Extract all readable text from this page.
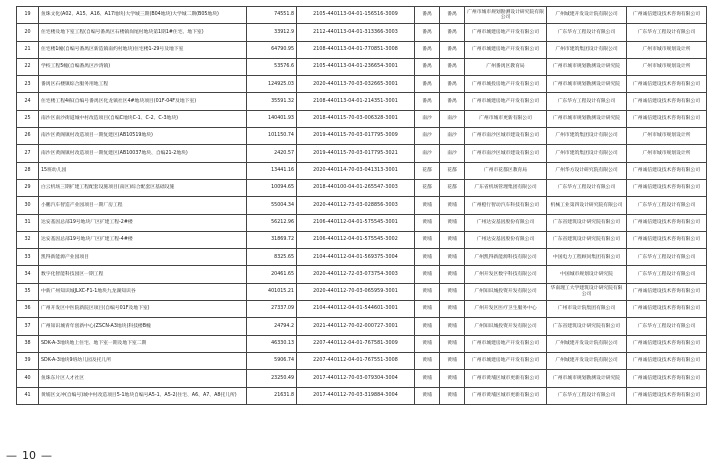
19	鱼珠文化(A02、A15、A16、A17地块)大学城三期(B04地块)大学城二期(B05地块)	74551.8	2105-440113-04-01-156516-3009	番禺	番禺	广州市城市规划勘测设计研究院有限公司	广州城建开发设计院有限公司	广州诚信建设技术咨询有限公司
20	住宅楼及地下室工程(自编号番禺区石楼镇岗尾村地块第1期1#住宅、地下室)	33912.9	2112-440113-04-01-313366-3003	番禺	番禺	广州市城建房地产开发有限公司	广东华方工程设计有限公司	广东华方工程设计有限公司
21	住宅楼1幢(自编号番禺区新造镇南约村地块)住宅楼1-29号及地下室	64790.95	2108-440113-04-01-770851-3008	番禺	番禺	广州市城建房地产开发有限公司	广州市建筑集团设计有限公司	广州市城市规划设计所
22	学校工程5幢(自编番禺区沙湾镇)	53576.6	2105-440113-04-01-236654-3001	番禺	番禺	广州番禺区教育局	广州市城市规划勘测设计研究院	广州市城市规划设计所
23	番禺区石楼镇综合服务用地工程	124925.03	2020-440113-70-03-032665-3001	番禺	番禺	广州市城投房地产开发有限公司	广州市城市规划勘测设计研究院	广州诚信建设技术咨询有限公司
24	住宅楼工程4栋(自编号番禺区化龙镇社区4#地块项目(01F-04F及地下室)	35591.32	2108-440113-04-01-214351-3001	番禺	番禺	广州市城建房地产开发有限公司	广东华方工程设计有限公司	广州诚信建设技术咨询有限公司
25	南沙区南沙街道城中村改造项目(自编C地块C-1、C-2、C-3地块)	140401.93	2018-440115-70-03-006328-3001	南沙	南沙	广州市城市更新有限公司	广州市城市规划勘测设计研究院	广州诚信建设技术咨询有限公司
26	南沙区黄阁镇村改造项目一期复建区(AB10519地块)	101150.74	2019-440115-70-03-017795-3009	南沙	南沙	广州市南沙区城市建设有限公司	广州市建筑集团设计有限公司	广州市城市规划设计所
27	南沙区黄阁镇村改造项目一期复建区(AB10037地块、自编21-2地块)	2420.57	2019-440115-70-03-017795-3021	南沙	南沙	广州市南沙区城市建设有限公司	广州市建筑集团设计有限公司	广州市城市规划设计所
28	15班幼儿园	13441.16	2020-440114-70-03-041313-3001	花都	花都	广州市花都区教育局	广州华方设计研究院有限公司	广州诚信建设技术咨询有限公司
29	白云机场三期扩建工程配套设施项目(南区)综合配套区基础设施	10094.65	2018-440100-04-01-265547-3003	花都	花都	广东省机场管理集团有限公司	广东华方工程设计有限公司	广州诚信建设技术咨询有限公司
30	小鹏汽车智造产业园项目一期厂房工程	55004.34	2020-440112-73-03-028856-3003	黄埔	黄埔	广州橙行智动汽车科技有限公司	机械工业第四设计研究院有限公司	广东华方工程设计有限公司
31	达安基因总部19号地块厂区扩建工程-2#楼	56212.96	2106-440112-04-01-575545-3001	黄埔	黄埔	广州达安基因股份有限公司	广东省建筑设计研究院有限公司	广州诚信建设技术咨询有限公司
32	达安基因总部19号地块厂区扩建工程-4#楼	31869.72	2106-440112-04-01-575545-3002	黄埔	黄埔	广州达安基因股份有限公司	广东省建筑设计研究院有限公司	广州诚信建设技术咨询有限公司
33	凯得新能源产业园项目	8325.65	2104-440112-04-01-569375-3004	黄埔	黄埔	广州凯得新能源科技有限公司	中国电力工程顾问集团有限公司	广东华方工程设计有限公司
34	数字化智能科技园区一期工程	20461.65	2020-440112-72-03-073754-3003	黄埔	黄埔	广州开发区数字科技有限公司	中国城市规划设计研究院	广东华方工程设计有限公司
35	中新广州知识城JLXC-F1-1地块九龙湖知识谷	401015.21	2020-440112-70-03-065959-3001	黄埔	黄埔	广州知识城投资开发有限公司	华南理工大学建筑设计研究院有限公司	广州诚信建设技术咨询有限公司
36	广州开发区中医院新院区项目(自编号01F及地下室)	27337.09	2104-440112-04-01-544601-3001	黄埔	黄埔	广州开发区医疗卫生服务中心	广州市设计院集团有限公司	广州诚信建设技术咨询有限公司
37	广州知识城青年创新中心(ZSCN-A3地块)科技楼B幢	24794.2	2021-440112-70-02-000727-3001	黄埔	黄埔	广州知识城投资开发有限公司	广东省建筑设计研究院有限公司	广东华方工程设计有限公司
38	SDK-A-3地块地上住宅、地下室一期及地下室二期	46330.13	2207-440112-04-01-767581-3009	黄埔	黄埔	广州市城建房地产开发有限公司	广州城建开发设计院有限公司	广州诚信建设技术咨询有限公司
39	SDK-A-3地块9班幼儿园及托儿所	5906.74	2207-440112-04-01-767551-3008	黄埔	黄埔	广州市城建房地产开发有限公司	广州城建开发设计院有限公司	广州诚信建设技术咨询有限公司
40	鱼珠东片区人才社区	23250.49	2017-440112-70-03-079304-3004	黄埔	黄埔	广州市黄埔区城市更新有限公司	广州市城市规划勘测设计研究院	广州诚信建设技术咨询有限公司
41	黄埔区文冲(自编号)城中村改造项目5-1地块自编号A5-1、A5-2(住宅、A6、A7、A8托儿所)	21631.8	2017-440112-70-03-319884-3004	黄埔	黄埔	广州市黄埔区城市更新有限公司	广东华方工程设计有限公司	广州诚信建设技术咨询有限公司
— 10 —
